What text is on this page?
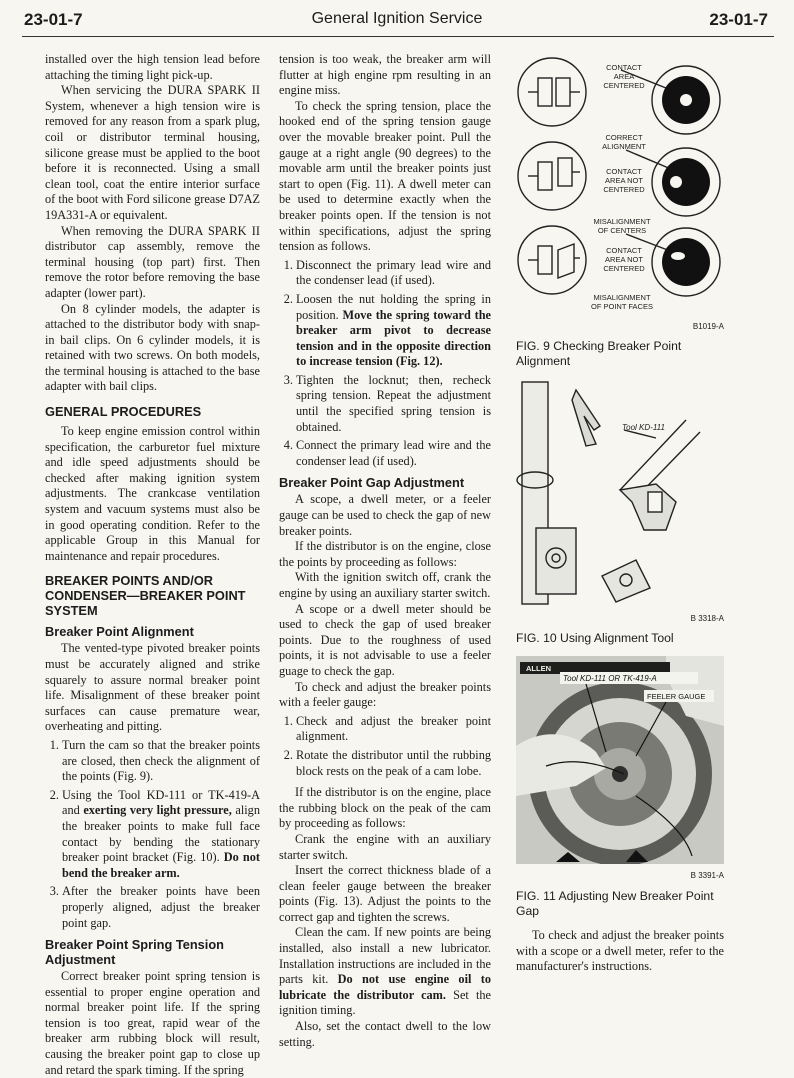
23-01-7	General Ignition Service	23-01-7

installed over the high tension lead before attaching the timing light pick-up.

When servicing the DURA SPARK II System, whenever a high tension wire is removed for any reason from a spark plug, coil or distributor terminal housing, silicone grease must be applied to the boot before it is reconnected. Using a small clean tool, coat the entire interior surface of the boot with Ford silicone grease D7AZ 19A331-A or equivalent.

When removing the DURA SPARK II distributor cap assembly, remove the terminal housing (top part) first. Then remove the rotor before removing the base adapter (lower part).

On 8 cylinder models, the adapter is attached to the distributor body with snap-in bail clips. On 6 cylinder models, it is retained with two screws. On both models, the terminal housing is attached to the base adapter with bail clips.

GENERAL PROCEDURES

To keep engine emission control within specification, the carburetor fuel mixture and idle speed adjustments should be checked after making ignition system adjustments. The crankcase ventilation system and vacuum systems must also be in good operating condition. Refer to the applicable Group in this Manual for maintenance and repair procedures.

BREAKER POINTS AND/OR CONDENSER—BREAKER POINT SYSTEM
Breaker Point Alignment

The vented-type pivoted breaker points must be accurately aligned and strike squarely to assure normal breaker point life. Misalignment of these breaker point surfaces can cause premature wear, overheating and pitting.

1. Turn the cam so that the breaker points are closed, then check the alignment of the points (Fig. 9).
2. Using the Tool KD-111 or TK-419-A and exerting very light pressure, align the breaker points to make full face contact by bending the stationary breaker point bracket (Fig. 10). Do not bend the breaker arm.
3. After the breaker points have been properly aligned, adjust the breaker point gap.
Breaker Point Spring Tension Adjustment

Correct breaker point spring tension is essential to proper engine operation and normal breaker point life. If the spring tension is too great, rapid wear of the breaker arm rubbing block will result, causing the breaker point gap to close up and retard the spark timing. If the spring

tension is too weak, the breaker arm will flutter at high engine rpm resulting in an engine miss.

To check the spring tension, place the hooked end of the spring tension gauge over the movable breaker point. Pull the gauge at a right angle (90 degrees) to the movable arm until the breaker points just start to open (Fig. 11). A dwell meter can be used to determine exactly when the breaker points open. If the tension is not within specifications, adjust the spring tension as follows.

1. Disconnect the primary lead wire and the condenser lead (if used).
2. Loosen the nut holding the spring in position. Move the spring toward the breaker arm pivot to decrease tension and in the opposite direction to increase tension (Fig. 12).
3. Tighten the locknut; then, recheck spring tension. Repeat the adjustment until the specified spring tension is obtained.
4. Connect the primary lead wire and the condenser lead (if used).
Breaker Point Gap Adjustment

A scope, a dwell meter, or a feeler gauge can be used to check the gap of new breaker points.

If the distributor is on the engine, close the points by proceeding as follows:

With the ignition switch off, crank the engine by using an auxiliary starter switch.

A scope or a dwell meter should be used to check the gap of used breaker points. Due to the roughness of used points, it is not advisable to use a feeler guage to check the gap.

To check and adjust the breaker points with a feeler gauge:

1. Check and adjust the breaker point alignment.
2. Rotate the distributor until the rubbing block rests on the peak of a cam lobe.

If the distributor is on the engine, place the rubbing block on the peak of the cam by proceeding as follows:

Crank the engine with an auxiliary starter switch.

Insert the correct thickness blade of a clean feeler gauge between the breaker points (Fig. 13). Adjust the points to the correct gap and tighten the screws.

Clean the cam. If new points are being installed, also install a new lubricator. Installation instructions are included in the parts kit. Do not use engine oil to lubricate the distributor cam. Set the ignition timing.

Also, set the contact dwell to the low setting.

CONTACT
AREA
CENTERED
CORRECT
ALIGNMENT
CONTACT
AREA NOT
CENTERED
MISALIGNMENT
OF CENTERS
CONTACT
AREA NOT
CENTERED
MISALIGNMENT
OF POINT FACES
B1019-A
FIG. 9 Checking Breaker Point Alignment
Tool KD-111
B 3318-A
FIG. 10 Using Alignment Tool
ALLEN
Tool KD-111 OR TK-419-A
FEELER GAUGE
B 3391-A
FIG. 11 Adjusting New Breaker Point Gap

To check and adjust the breaker points with a scope or a dwell meter, refer to the manufacturer's instructions.
